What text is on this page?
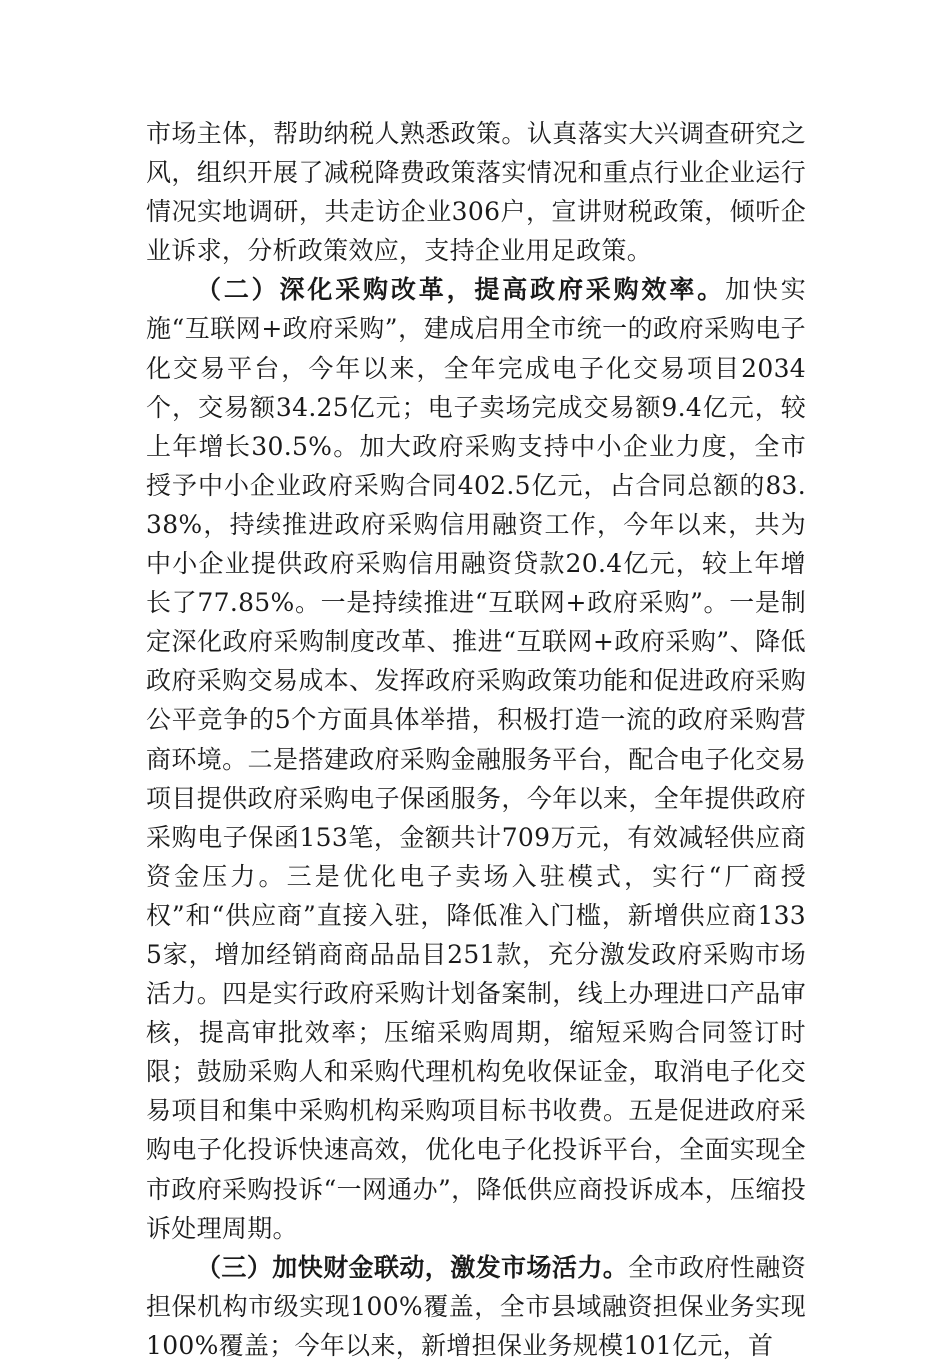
市场主体，帮助纳税人熟悉政策。认真落实大兴调查研究之风，组织开展了减税降费政策落实情况和重点行业企业运行情况实地调研，共走访企业306户，宣讲财税政策，倾听企业诉求，分析政策效应，支持企业用足政策。

（二）深化采购改革，提高政府采购效率。加快实施“互联网+政府采购”，建成启用全市统一的政府采购电子化交易平台，今年以来，全年完成电子化交易项目2034个，交易额34.25亿元；电子卖场完成交易额9.4亿元，较上年增长30.5%。加大政府采购支持中小企业力度，全市授予中小企业政府采购合同402.5亿元，占合同总额的83.38%，持续推进政府采购信用融资工作，今年以来，共为中小企业提供政府采购信用融资贷款20.4亿元，较上年增长了77.85%。一是持续推进“互联网+政府采购”。一是制定深化政府采购制度改革、推进“互联网+政府采购”、降低政府采购交易成本、发挥政府采购政策功能和促进政府采购公平竞争的5个方面具体举措，积极打造一流的政府采购营商环境。二是搭建政府采购金融服务平台，配合电子化交易项目提供政府采购电子保函服务，今年以来，全年提供政府采购电子保函153笔，金额共计709万元，有效减轻供应商资金压力。三是优化电子卖场入驻模式，实行“厂商授权”和“供应商”直接入驻，降低准入门槛，新增供应商1335家，增加经销商商品品目251款，充分激发政府采购市场活力。四是实行政府采购计划备案制，线上办理进口产品审核，提高审批效率；压缩采购周期，缩短采购合同签订时限；鼓励采购人和采购代理机构免收保证金，取消电子化交易项目和集中采购机构采购项目标书收费。五是促进政府采购电子化投诉快速高效，优化电子化投诉平台，全面实现全市政府采购投诉“一网通办”，降低供应商投诉成本，压缩投诉处理周期。

（三）加快财金联动，激发市场活力。全市政府性融资担保机构市级实现100%覆盖，全市县域融资担保业务实现100%覆盖；今年以来，新增担保业务规模101亿元，首
